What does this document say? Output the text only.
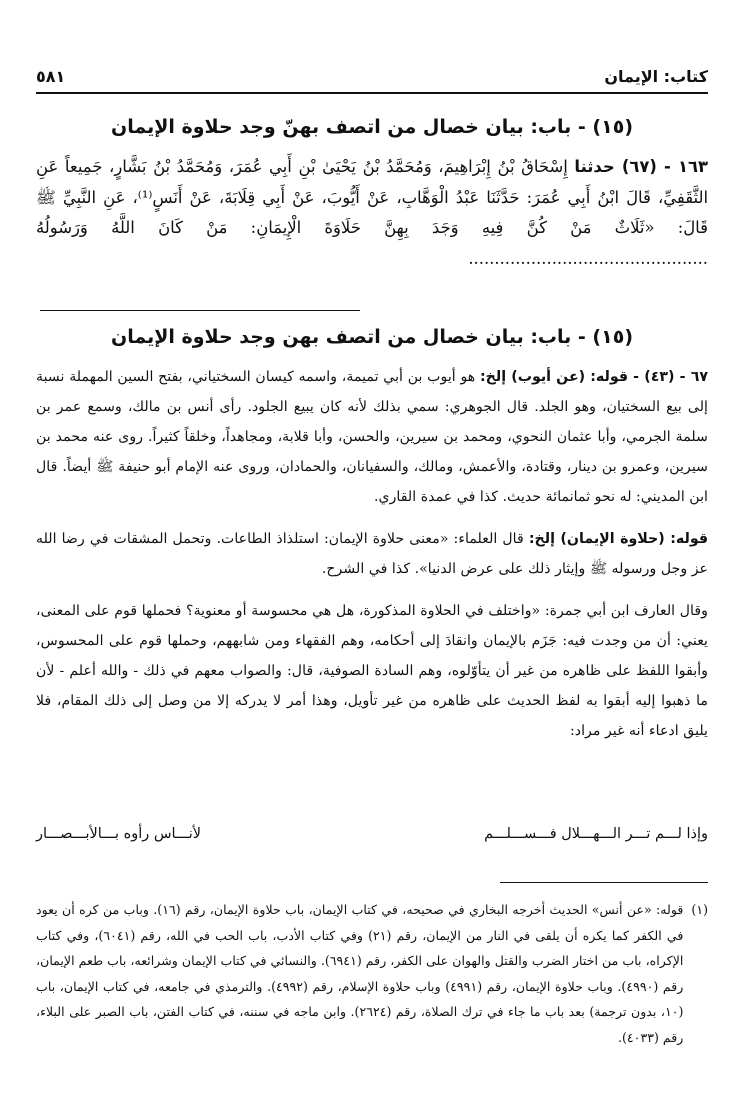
كتاب: الإيمان
٥٨١
(١٥) - باب: بيان خصال من اتصف بهنّ وجد حلاوة الإيمان
١٦٣ - (٦٧) حدثنا إِسْحَاقُ بْنُ إِبْرَاهِيمَ، وَمُحَمَّدُ بْنُ يَحْيَىٰ بْنِ أَبِي عُمَرَ، وَمُحَمَّدُ بْنُ بَشَّارٍ، جَمِيعاً عَنِ الثَّقَفِيِّ، قَالَ ابْنُ أَبِي عُمَرَ: حَدَّثَنَا عَبْدُ الْوَهَّابِ، عَنْ أَيُّوبَ، عَنْ أَبِي قِلَابَةَ، عَنْ أَنَسٍ⁽¹⁾، عَنِ النَّبِيِّ ﷺ قَالَ: «ثَلَاثٌ مَنْ كُنَّ فِيهِ وَجَدَ بِهِنَّ حَلَاوَةَ الْإِيمَانِ: مَنْ كَانَ اللَّهُ وَرَسُولُهُ ..............................................
(١٥) - باب: بيان خصال من اتصف بهن وجد حلاوة الإيمان

٦٧ - (٤٣) - قوله: (عن أيوب) إلخ: هو أيوب بن أبي تميمة، واسمه كيسان السختياني، بفتح السين المهملة نسبة إلى بيع السختيان، وهو الجلد. قال الجوهري: سمي بذلك لأنه كان يبيع الجلود. رأى أنس بن مالك، وسمع عمر بن سلمة الجرمي، وأبا عثمان النحوي، ومحمد بن سيرين، والحسن، وأبا قلابة، ومجاهداً، وخلقاً كثيراً. روى عنه محمد بن سيرين، وعمرو بن دينار، وقتادة، والأعمش، ومالك، والسفيانان، والحمادان، وروى عنه الإمام أبو حنيفة ﷺ أيضاً. قال ابن المديني: له نحو ثمانمائة حديث. كذا في عمدة القاري.

قوله: (حلاوة الإيمان) إلخ: قال العلماء: «معنى حلاوة الإيمان: استلذاذ الطاعات. وتحمل المشقات في رضا الله عز وجل ورسوله ﷺ وإيثار ذلك على عرض الدنيا». كذا في الشرح.

وقال العارف ابن أبي جمرة: «واختلف في الحلاوة المذكورة، هل هي محسوسة أو معنوية؟ فحملها قوم على المعنى، يعني: أن من وجدت فيه: جَزَم بالإيمان وانقادَ إلى أحكامه، وهم الفقهاء ومن شابههم، وحملها قوم على المحسوس، وأبقوا اللفظ على ظاهره من غير أن يتأوّلوه، وهم السادة الصوفية، قال: والصواب معهم في ذلك - والله أعلم - لأن ما ذهبوا إليه أبقوا به لفظ الحديث على ظاهره من غير تأويل، وهذا أمر لا يدركه إلا من وصل إلى ذلك المقام، فلا يليق ادعاء أنه غير مراد:

وإذا لـــم تـــر الـــهـــلال فـــســـلـــم
لأنـــاس رأوه بـــالأبـــصـــار
(١)
قوله: «عن أنس» الحديث أخرجه البخاري في صحيحه، في كتاب الإيمان، باب حلاوة الإيمان، رقم (١٦). وباب من كره أن يعود في الكفر كما يكره أن يلقى في النار من الإيمان، رقم (٢١) وفي كتاب الأدب، باب الحب في الله، رقم (٦٠٤١)، وفي كتاب الإكراه، باب من اختار الضرب والقتل والهوان على الكفر، رقم (٦٩٤١). والنسائي في كتاب الإيمان وشرائعه، باب طعم الإيمان، رقم (٤٩٩٠). وباب حلاوة الإيمان، رقم (٤٩٩١) وباب حلاوة الإسلام، رقم (٤٩٩٢). والترمذي في جامعه، في كتاب الإيمان، باب (١٠، بدون ترجمة) بعد باب ما جاء في ترك الصلاة، رقم (٢٦٢٤). وابن ماجه في سننه، في كتاب الفتن، باب الصبر على البلاء، رقم (٤٠٣٣).
